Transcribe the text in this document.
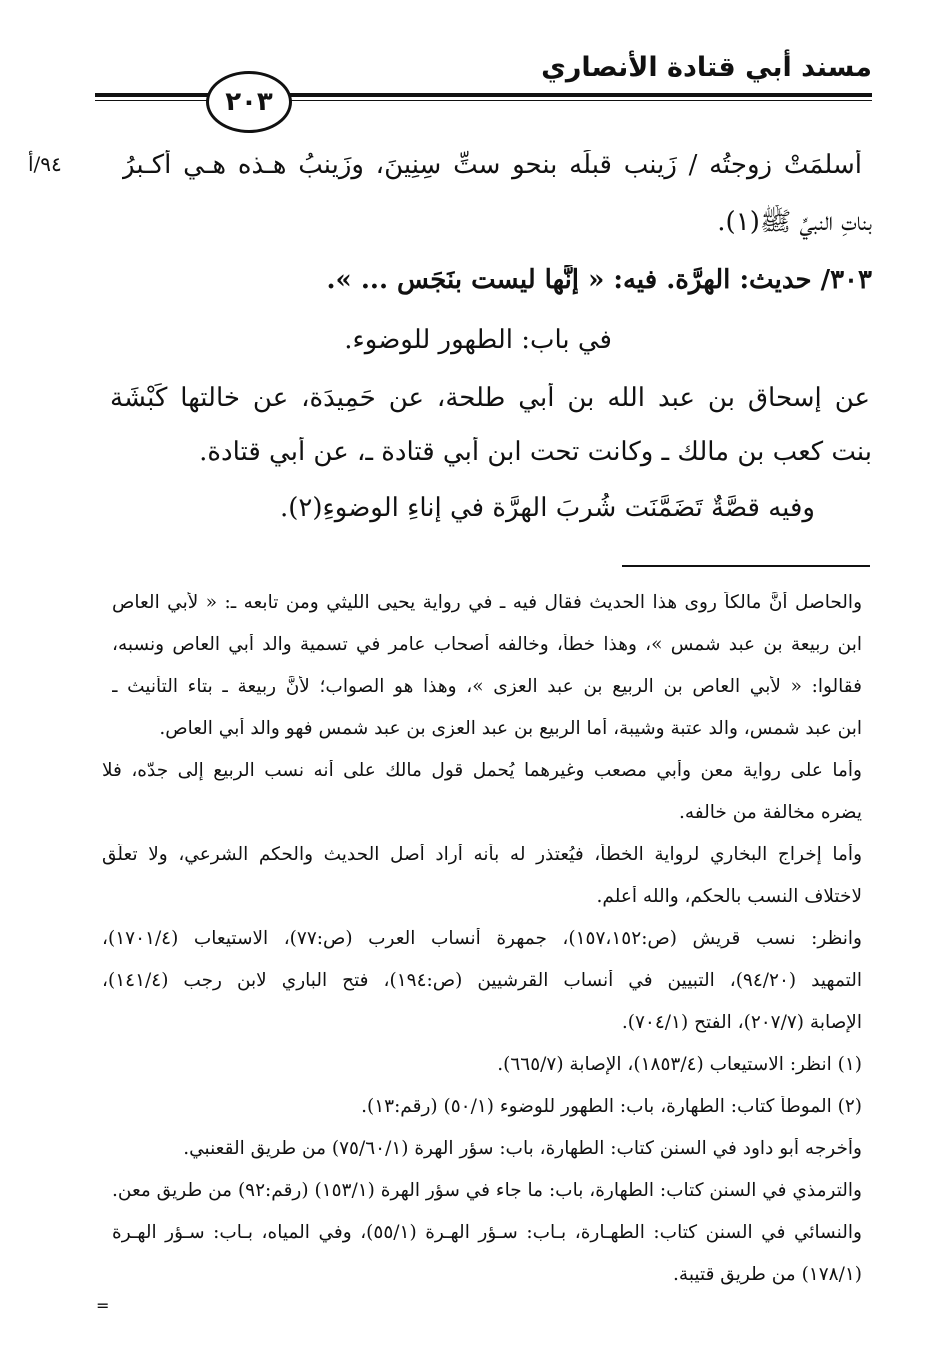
مسند أبي قتادة الأنصاري
٢٠٣
٩٤/أ أسلمَتْ زوجتُه / زَينب قبلَه بنحوِ ستِّ سِنِينَ، وزَينبُ هـذه هـي أكـبرُ
بناتِ النبيِّ ﷺ(١).
٣٠٣/ حديث: الهِرَّة. فيه: « إنَّها ليست بنَجَس ... ».
في باب: الطهور للوضوء.
عن إسحاق بن عبد الله بن أبي طلحة، عن حَمِيدَة، عن خالتها كَبْشَة
بنت كعب بن مالك ـ وكانت تحت ابن أبي قتادة ـ، عن أبي قتادة.
وفيه قصَّةٌ تَضَمَّنَت شُربَ الهِرَّة في إناءِ الوضوءِ(٢).
والحاصل أنَّ مالكاً روى هذا الحديث فقال فيه ـ في رواية يحيى الليثي ومن تابعه ـ: « لأبي العاص
ابن ربيعة بن عبد شمس »، وهذا خطأ، وخالفه أصحاب عامر في تسمية والد أبي العاص ونسبه،
فقالوا: « لأبي العاص بن الربيع بن عبد العزى »، وهذا هو الصواب؛ لأنَّ ربيعة ـ بتاء التأنيث ـ
ابن عبد شمس، والد عتبة وشيبة، أما الربيع بن عبد العزى بن عبد شمس فهو والد أبي العاص.
وأما على رواية معن وأبي مصعب وغيرهما يُحمل قول مالك على أنه نسب الربيع إلى جدّه، فلا
يضره مخالفة من خالفه.
وأما إخراج البخاري لرواية الخطأ، فيُعتذر له بأنه أراد أصل الحديث والحكم الشرعي، ولا تعلّق
لاختلاف النسب بالحكم، والله أعلم.
وانظر: نسب قريش (ص:١٥٧،١٥٢)، جمهرة أنساب العرب (ص:٧٧)، الاستيعاب (١٧٠١/٤)،
التمهيد (٩٤/٢٠)، التبيين في أنساب القرشيين (ص:١٩٤)، فتح الباري لابن رجب (١٤١/٤)،
الإصابة (٢٠٧/٧)، الفتح (٧٠٤/١).
(١) انظر: الاستيعاب (١٨٥٣/٤)، الإصابة (٦٦٥/٧).
(٢) الموطأ كتاب: الطهارة، باب: الطهور للوضوء (٥٠/١) (رقم:١٣).
وأخرجه أبو داود في السنن كتاب: الطهارة، باب: سؤر الهرة (٧٥/٦٠/١) من طريق القعنبي.
والترمذي في السنن كتاب: الطهارة، باب: ما جاء في سؤر الهرة (١٥٣/١) (رقم:٩٢) من طريق معن.
والنسائي في السنن كتاب: الطهـارة، بـاب: سـؤر الهـرة (٥٥/١)، وفي المياه، بـاب: سـؤر الهـرة
(١٧٨/١) من طريق قتيبة.
=
